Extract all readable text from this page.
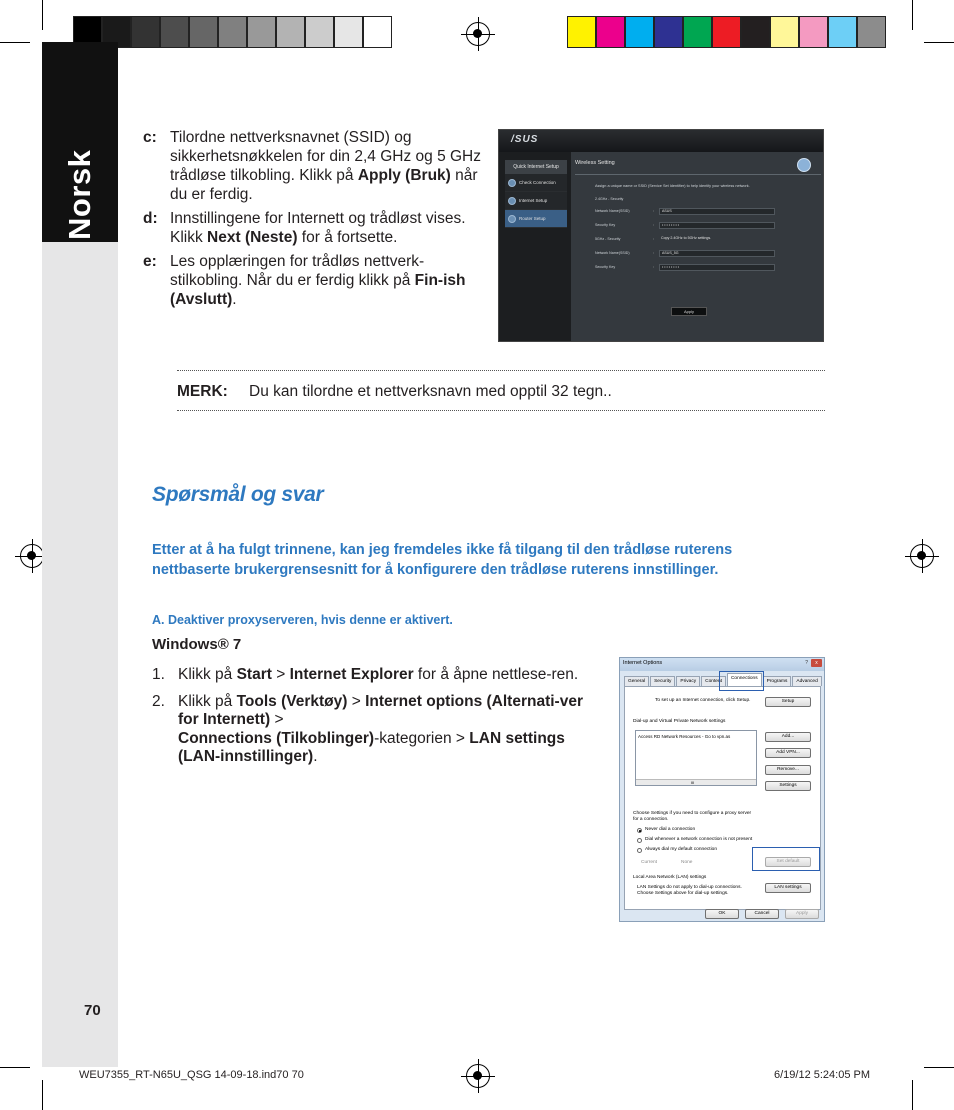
Norsk
70
c: Tilordne nettverksnavnet (SSID) og sikkerhetsnøkkelen for din 2,4 GHz og 5 GHz trådløse tilkobling. Klikk på Apply (Bruk) når du er ferdig.
d: Innstillingene for Internett og trådløst vises. Klikk Next (Neste) for å fortsette.
e: Les opplæringen for trådløs nettverk-stilkobling. Når du er ferdig klikk på Fin-ish (Avslutt).
/SUS
Quick Internet Setup
Check Connection
Internet Setup
Router Setup
Wireless Setting
Assign a unique name or SSID (Service Set Identifier) to help identify your wireless network.
2.4GHz - Security
Network Name(SSID)	:	ASUS
Security Key	:	• • • • • • • •
5GHz - Security	:	Copy 2.4GHz to 5GHz settings.
Network Name(SSID)	:	ASUS_5G
Security Key	:	• • • • • • • •
Apply
MERK:	Du kan tilordne et nettverksnavn med opptil 32 tegn..
Spørsmål og svar
Etter at å ha fulgt trinnene, kan jeg fremdeles ikke få tilgang til den trådløse ruterens nettbaserte brukergrensesnitt for å konfigurere den trådløse ruterens innstillinger.
A. Deaktiver proxyserveren, hvis denne er aktivert.
Windows® 7
1. Klikk på Start > Internet Explorer for å åpne nettlese-ren.
2. Klikk på Tools (Verktøy) > Internet options (Alternati-ver for Internett) >
Connections (Tilkoblinger)-kategorien > LAN settings (LAN-innstillinger).
Internet Options	?	x
General	Security	Privacy	Content
Connections
Programs	Advanced
To set up an Internet connection, click Setup.	Setup
Dial-up and Virtual Private Network settings
Access RD Network Resources - Go to vpn.as
III
Add...
Add VPN...
Remove...
Choose Settings if you need to configure a proxy server for a connection.
Settings
Never dial a connection
Dial whenever a network connection is not present
Always dial my default connection
Current	None	Set default
Local Area Network (LAN) settings
LAN Settings do not apply to dial-up connections. Choose Settings above for dial-up settings.
LAN settings
OK	Cancel	Apply
WEU7355_RT-N65U_QSG 14-09-18.ind70 70	6/19/12 5:24:05 PM
